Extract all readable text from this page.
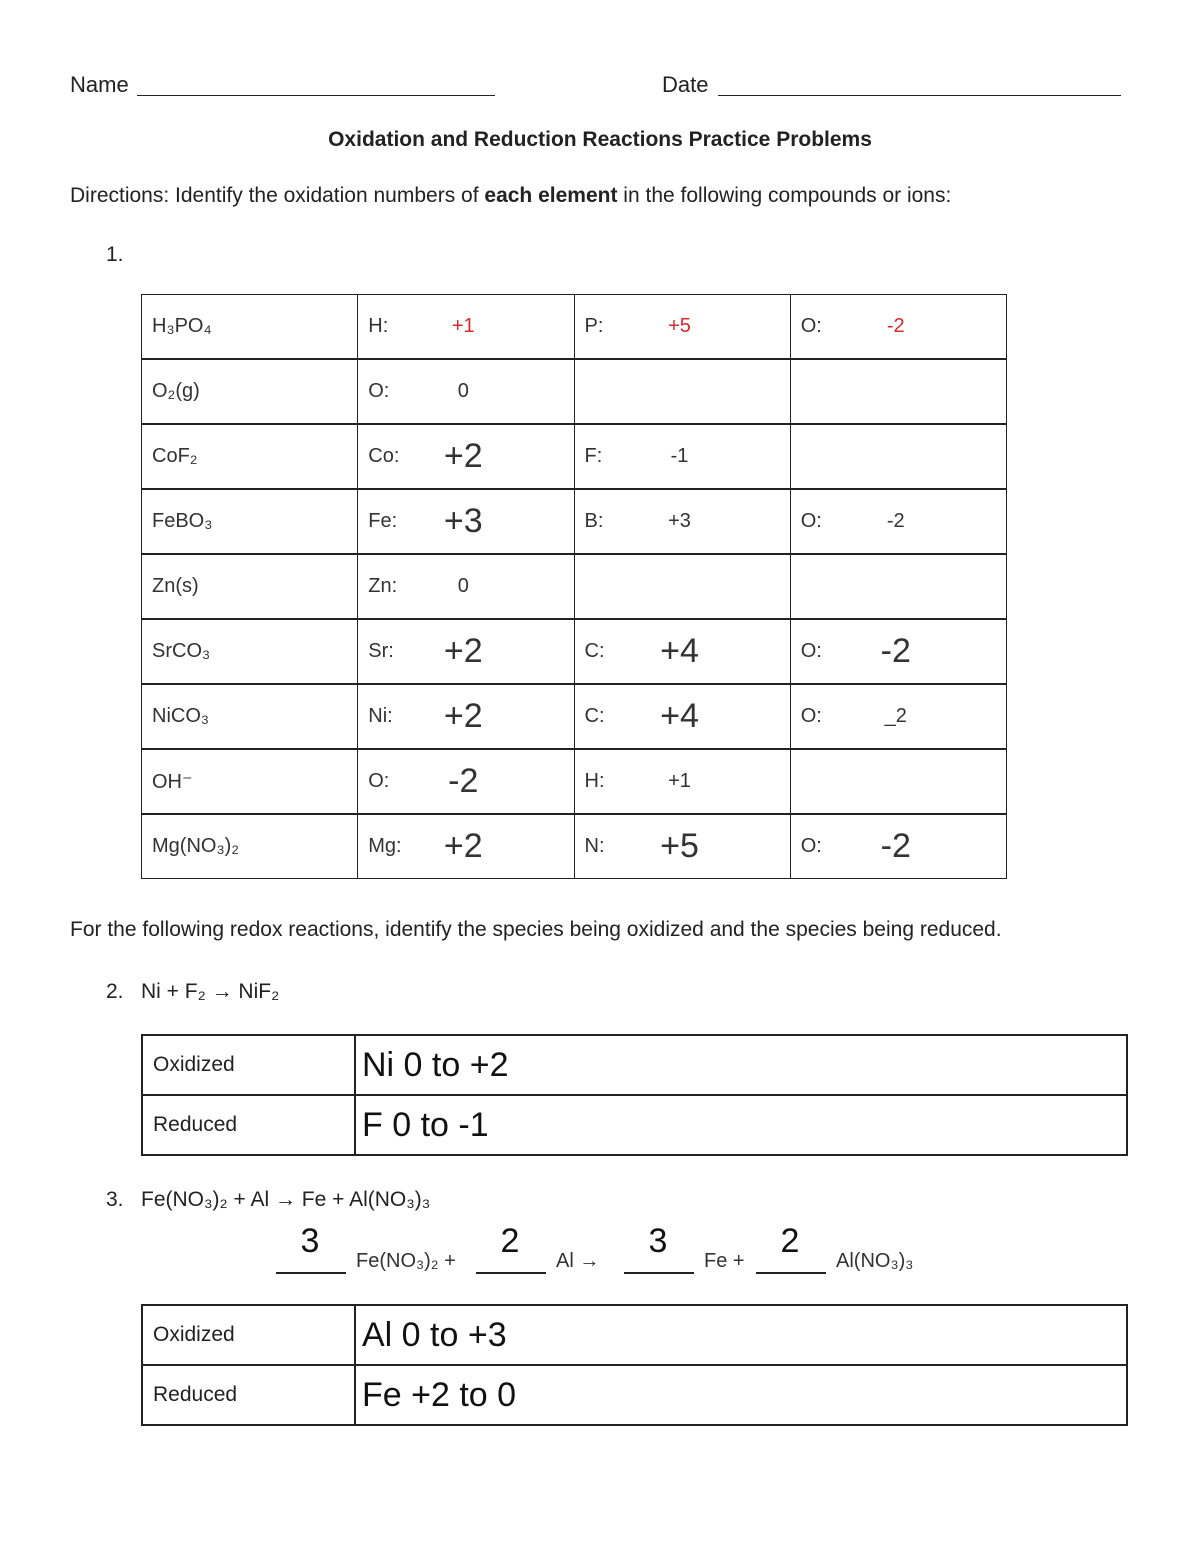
Name	Date
Oxidation and Reduction Reactions Practice Problems
Directions: Identify the oxidation numbers of each element in the following compounds or ions:
1.
H₃PO₄	H: +1	P: +5	O: -2

O₂(g)	O: 0		

CoF₂	Co: +2	F: -1	

FeBO₃	Fe: +3	B: +3	O: -2

Zn(s)	Zn: 0		

SrCO₃	Sr: +2	C: +4	O: -2

NiCO₃	Ni: +2	C: +4	O: _2

OH⁻	O: -2	H: +1	

Mg(NO₃)₂	Mg: +2	N: +5	O: -2
For the following redox reactions, identify the species being oxidized and the species being reduced.
2. Ni + F₂ → NiF₂
Oxidized	Ni 0 to +2
Reduced	F 0 to -1
3. Fe(NO₃)₂ + Al → Fe + Al(NO₃)₃
3
Fe(NO₃)₂ +
2
Al →
3
Fe +
2
Al(NO₃)₃
Oxidized	Al 0 to +3
Reduced	Fe +2 to 0
